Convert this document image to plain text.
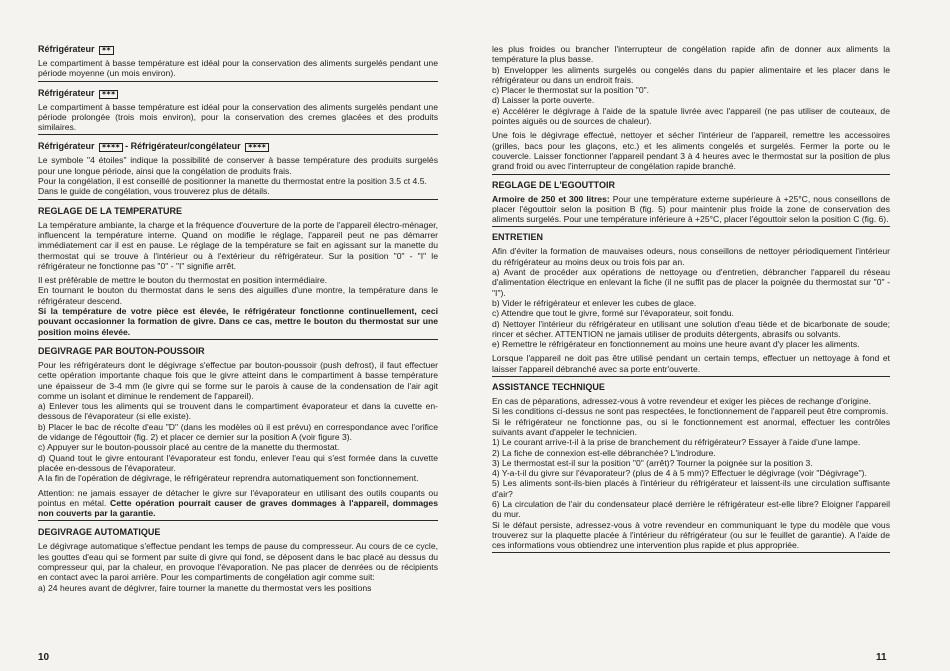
Réfrigérateur ✶✶

Le compartiment à basse température est idéal pour la conservation des aliments surgelés pendant une période moyenne (un mois environ).

Réfrigérateur ✶✶✶

Le compartiment à basse température est idéal pour la conservation des aliments surgelés pendant une période prolongée (trois mois environ), pour la conservation des cremes glacées et des produits similaires.

Réfrigérateur ✶✶✶✶ - Réfrigérateur/congélateur ✶✶✶✶

Le symbole "4 étoiles" indique la possibilité de conserver à basse température des produits surgelés pour une longue période, ainsi que la congélation de produits frais.

Pour la congélation, il est conseillé de positionner la manette du thermostat entre la position 3.5 ct 4.5.

Dans le guide de congélation, vous trouverez plus de détails.

REGLAGE DE LA TEMPERATURE

La température ambiante, la charge et la fréquence d'ouverture de la porte de l'appareil électro-ménager, influencent la température interne. Quand on modifie le réglage, l'appareil peut ne pas démarrer immédiatement car il est en pause. Le réglage de la température se fait en agissant sur la manette du thermostat qui se trouve à l'intérieur ou à l'extérieur du réfrigérateur. Sur la position "0" - "I" le réfrigérateur ne fonctionne pas "0" - "I" signifie arrêt.

Il est préférable de mettre le bouton du thermostat en position intermédiaire.

En tournant le bouton du thermostat dans le sens des aiguilles d'une montre, la température dans le réfrigérateur descend.

Si la température de votre pièce est élevée, le réfrigérateur fonctionne continuellement, ceci pouvant occasionner la formation de givre. Dans ce cas, mettre le bouton du thermostat sur une position moins élevée.

DEGIVRAGE PAR BOUTON-POUSSOIR

Pour les réfrigérateurs dont le dégivrage s'effectue par bouton-poussoir (push defrost), il faut effectuer cette opération importante chaque fois que le givre atteint dans le compartiment à basse température une épaisseur de 3-4 mm (le givre qui se forme sur le parois à cause de la condensation de l'air agit comme un isolant et diminue le rendement de l'appareil).

a) Enlever tous les aliments qui se trouvent dans le compartiment évaporateur et dans la cuvette en-dessous de l'évaporateur (si elle existe).

b) Placer le bac de récolte d'eau "D" (dans les modèles où il est prévu) en correspondance avec l'orifice de vidange de l'égouttoir (fig. 2) et placer ce dernier sur la position A (voir figure 3).

c) Appuyer sur le bouton-poussoir placé au centre de la manette du thermostat.

d) Quand tout le givre entourant l'évaporateur est fondu, enlever l'eau qui s'est formée dans la cuvette placée en-dessous de l'évaporateur.

A la fin de l'opération de dégivrage, le réfrigérateur reprendra automatiquement son fonctionnement.

Attention: ne jamais essayer de détacher le givre sur l'évaporateur en utilisant des outils coupants ou pointus en métal. Cette opération pourrait causer de graves dommages à l'appareil, dommages non couverts par la garantie.

DEGIVRAGE AUTOMATIQUE

Le dégivrage automatique s'effectue pendant les temps de pause du compresseur. Au cours de ce cycle, les gouttes d'eau qui se forment par suite di givre qui fond, se déposent dans le bac placé au dessus du compresseur qui, par la chaleur, en provoque l'évaporation. Ne pas placer de denrées ou de récipients en contact avec la paroi arrière. Pour les compartiments de congélation agir comme suit:

a) 24 heures avant de dégivrer, faire tourner la manette du thermostat vers les positions

10

les plus froides ou brancher l'interrupteur de congélation rapide afin de donner aux aliments la température la plus basse.

b) Envelopper les aliments surgelés ou congelés dans du papier alimentaire et les placer dans le réfrigérateur ou dans un endroit frais.

c) Placer le thermostat sur la position "0".

d) Laisser la porte ouverte.

e) Accélérer le dégivrage à l'aide de la spatule livrée avec l'appareil (ne pas utiliser de couteaux, de pointes aiguës ou de sources de chaleur).

Une fois le dégivrage effectué, nettoyer et sécher l'intérieur de l'appareil, remettre les accessoires (grilles, bacs pour les glaçons, etc.) et les aliments congelés et surgelés. Fermer la porte ou le couvercle. Laisser fonctionner l'appareil pendant 3 à 4 heures avec le thermostat sur la position de plus grand froid ou avec l'interrupteur de congélation rapide branché.

REGLAGE DE L'EGOUTTOIR

Armoire de 250 et 300 litres: Pour une température externe supérieure à +25°C, nous conseillons de placer l'égouttoir selon la position B (fig. 5) pour maintenir plus froide la zone de conservation des aliments surgelés. Pour une température inférieure à +25°C, placer l'égouttoir selon la position C (fig. 6).

ENTRETIEN

Afin d'éviter la formation de mauvaises odeurs, nous conseillons de nettoyer périodiquement l'intérieur du réfrigérateur au moins deux ou trois fois par an.

a) Avant de procéder aux opérations de nettoyage ou d'entretien, débrancher l'appareil du réseau d'alimentation électrique en enlevant la fiche (il ne suffit pas de placer la poignée du thermostat sur "0" - "I").

b) Vider le réfrigérateur et enlever les cubes de glace.

c) Attendre que tout le givre, formé sur l'évaporateur, soit fondu.

d) Nettoyer l'intérieur du réfrigérateur en utilisant une solution d'eau tiède et de bicarbonate de soude; rincer et sécher. ATTENTION ne jamais utiliser de produits détergents, abrasifs ou solvants.

e) Remettre le réfrigérateur en fonctionnement au moins une heure avant d'y placer les aliments.

Lorsque l'appareil ne doit pas être utilisé pendant un certain temps, effectuer un nettoyage à fond et laisser l'appareil débranché avec sa porte entr'ouverte.

ASSISTANCE TECHNIQUE

En cas de péparations, adressez-vous à votre revendeur et exiger les pièces de rechange d'origine.

Si les conditions ci-dessus ne sont pas respectées, le fonctionnement de l'appareil peut être compromis.

Si le réfrigérateur ne fonctionne pas, ou si le fonctionnement est anormal, effectuer les contrôles suivants avant d'appeler le technicien.

1) Le courant arrive-t-il à la prise de branchement du réfrigérateur? Essayer à l'aide d'une lampe.

2) La fiche de connexion est-elle débranchée? L'indrodure.

3) Le thermostat est-il sur la position "0" (arrêt)? Tourner la poignée sur la position 3.

4) Y-a-t-il du givre sur l'évaporateur? (plus de 4 à 5 mm)? Effectuer le dégivrage (voir "Dégivrage").

5) Les aliments sont-ils-bien placés à l'intérieur du réfrigérateur et laissent-ils une circulation suffisante d'air?

6) La circulation de l'air du condensateur placé derrière le réfrigérateur est-elle libre? Eloigner l'appareil du mur.

Si le défaut persiste, adressez-vous à votre revendeur en communiquant le type du modèle que vous trouverez sur la plaquette placée à l'intérieur du réfrigérateur (ou sur le feuillet de garantie). A l'aide de ces informations vous obtiendrez une intervention plus rapide et plus appropriée.

11
